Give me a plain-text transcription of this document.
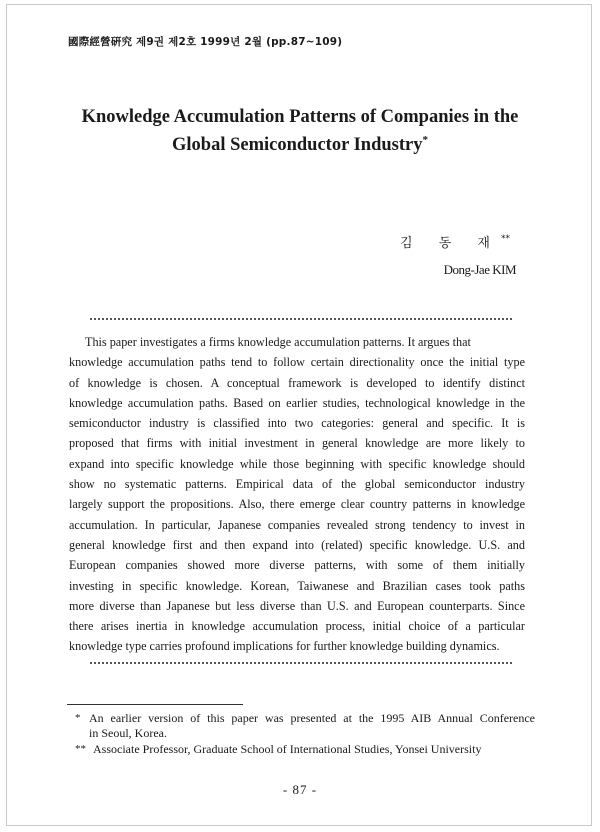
國際經營硏究 제9권 제2호 1999년 2월 (pp.87~109)
Knowledge Accumulation Patterns of Companies in the
Global Semiconductor Industry*
김 동 재**
Dong-Jae KIM
This paper investigates a firms knowledge accumulation patterns. It argues that
knowledge accumulation paths tend to follow certain directionality once the initial type
of knowledge is chosen. A conceptual framework is developed to identify distinct
knowledge accumulation paths. Based on earlier studies, technological knowledge in the
semiconductor industry is classified into two categories: general and specific. It is
proposed that firms with initial investment in general knowledge are more likely to
expand into specific knowledge while those beginning with specific knowledge should
show no systematic patterns. Empirical data of the global semiconductor industry
largely support the propositions. Also, there emerge clear country patterns in knowledge
accumulation. In particular, Japanese companies revealed strong tendency to invest in
general knowledge first and then expand into (related) specific knowledge. U.S. and
European companies showed more diverse patterns, with some of them initially
investing in specific knowledge. Korean, Taiwanese and Brazilian cases took paths
more diverse than Japanese but less diverse than U.S. and European counterparts. Since
there arises inertia in knowledge accumulation process, initial choice of a particular
knowledge type carries profound implications for further knowledge building dynamics.
* An earlier version of this paper was presented at the 1995 AIB Annual Conference
in Seoul, Korea.
** Associate Professor, Graduate School of International Studies, Yonsei University
- 87 -
